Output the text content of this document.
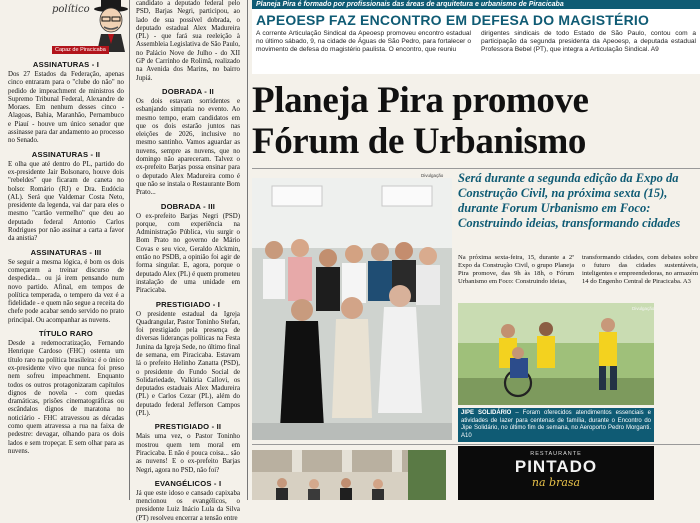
político
Capaz de Piracicaba
ASSINATURAS - I

Dos 27 Estados da Federação, apenas cinco entraram para o "clube do não" no pedido de impeachment de ministros do Supremo Tribunal Federal, Alexandre de Moraes. Em nenhum desses cinco - Alagoas, Bahia, Maranhão, Pernambuco e Piauí - houve um único senador que assinasse para dar andamento ao processo no Senado.

ASSINATURAS - II

E olha que até dentro do PL, partido do ex-presidente Jair Bolsonaro, houve dois "rebeldes" que ficaram de caneta no bolso: Romário (RJ) e Dra. Eudócia (AL). Será que Valdemar Costa Neto, presidente da legenda, vai dar para eles o mesmo "cartão vermelho" que deu ao deputado federal Antonio Carlos Rodrigues por não assinar a carta a favor da anistia?

ASSINATURAS - III

Se seguir a mesma lógica, é bom os dois começarem a treinar discurso de despedida... ou já irem pensando num novo partido. Afinal, em tempos de política temperada, o tempero da vez é a fidelidade - e quem não segue a receita do chefe pode acabar sendo servido no prato principal. Ou acompanhar as nuvens.

TÍTULO RARO

Desde a redemocratização, Fernando Henrique Cardoso (FHC) ostenta um título raro na política brasileira: é o único ex-presidente vivo que nunca foi preso nem sofreu impeachment. Enquanto todos os outros protagonizaram capítulos dignos de novela - com quedas dramáticas, prisões cinematográficas ou escândalos dignos de maratona no noticiário - FHC atravessou as décadas como quem atravessa a rua na faixa de pedestre: devagar, olhando para os dois lados e sem tropeçar. E sem olhar para as nuvens.

candidato a deputado federal pelo PSD, Barjas Negri, participou, ao lado de sua possível dobrada, o deputado estadual Alex Madureira (PL) - que fará sua reeleição à Assembleia Legislativa de São Paulo, no Palácio Nove de Julho - do XII GP de Carrinho de Rolimã, realizado na Avenida dos Marins, no bairro Jupiá.

DOBRADA - II

Os dois estavam sorridentes e esbanjando simpatia no evento. Ao mesmo tempo, eram candidatos em que os dois estarão juntos nas eleições de 2026, inclusive no mesmo santinho. Vamos aguardar as nuvens, sempre as nuvens, que no domingo não apareceram. Talvez o ex-prefeito Barjas possa ensinar para o deputado Alex Madureira como é que não se instala o Restaurante Bom Prato...

DOBRADA - III

O ex-prefeito Barjas Negri (PSD) porque, com experiência na Administração Pública, viu surgir o Bom Prato no governo de Mário Covas e seu vice, Geraldo Alckmin, então no PSDB, a opinião foi agir de forma singular. E, agora, porque o deputado Alex (PL) é quem prometeu instalação de uma unidade em Piracicaba.

PRESTIGIADO - I

O presidente estadual da Igreja Quadrangular, Pastor Toninho Stefan, foi prestigiado pela presença de diversas lideranças políticas na Festa Junina da Igreja Sede, no último final de semana, em Piracicaba. Estavam lá o prefeito Helinho Zanatta (PSD), o presidente do Fundo Social de Solidariedade, Valkiria Callovi, os deputados estaduais Alex Madureira (PL) e Carlos Cezar (PL), além do deputado federal Jefferson Campos (PL).

PRESTIGIADO - II

Mais uma vez, o Pastor Toninho mostrou quem tem moral em Piracicaba. E não é pouca coisa... são as nuvens! E o ex-prefeito Barjas Negri, agora no PSD, não foi?

EVANGÉLICOS - I

Já que este idoso e cansado capixaba mencionou os evangélicos, o presidente Luiz Inácio Lula da Silva (PT) resolveu encerrar a tensão entre

Planeja Pira é formado por profissionais das áreas de arquitetura e urbanismo de Piracicaba
APEOESP FAZ ENCONTRO EM DEFESA DO MAGISTÉRIO

A corrente Articulação Sindical da Apeoesp promoveu encontro estadual no último sábado, 9, na cidade de Águas de São Pedro, para fortalecer o movimento de defesa do magistério paulista. O encontro, que reuniu

dirigentes sindicais de todo Estado de São Paulo, contou com a participação da segunda presidenta da Apeoesp, a deputada estadual Professora Bebel (PT), que integra a Articulação Sindical. A9

Planeja Pira promove
Fórum de Urbanismo
Divulgação Será durante a segunda edição da Expo da Construção Civil, na próxima sexta (15), durante Forum Urbanismo em Foco: Construindo ideias, transformando cidades

Na próxima sexta-feira, 15, durante a 2ª Expo da Construção Civil, o grupo Planeja Pira promove, das 9h às 18h, o Fórum Urbanismo em Foco: Construindo ideias,

transformando cidades, com debates sobre o futuro das cidades sustentáveis, inteligentes e empreendedoras, no armazém 14 do Engenho Central de Piracicaba. A3

Divulgação
JIPE SOLIDÁRIO – Foram oferecidos atendimentos essenciais e atividades de lazer para centenas de família, durante o Encontro do Jipe Solidário, no último fim de semana, no Aeroporto Pedro Morganti. A10
RESTAURANTE
PINTADO
na brasa
